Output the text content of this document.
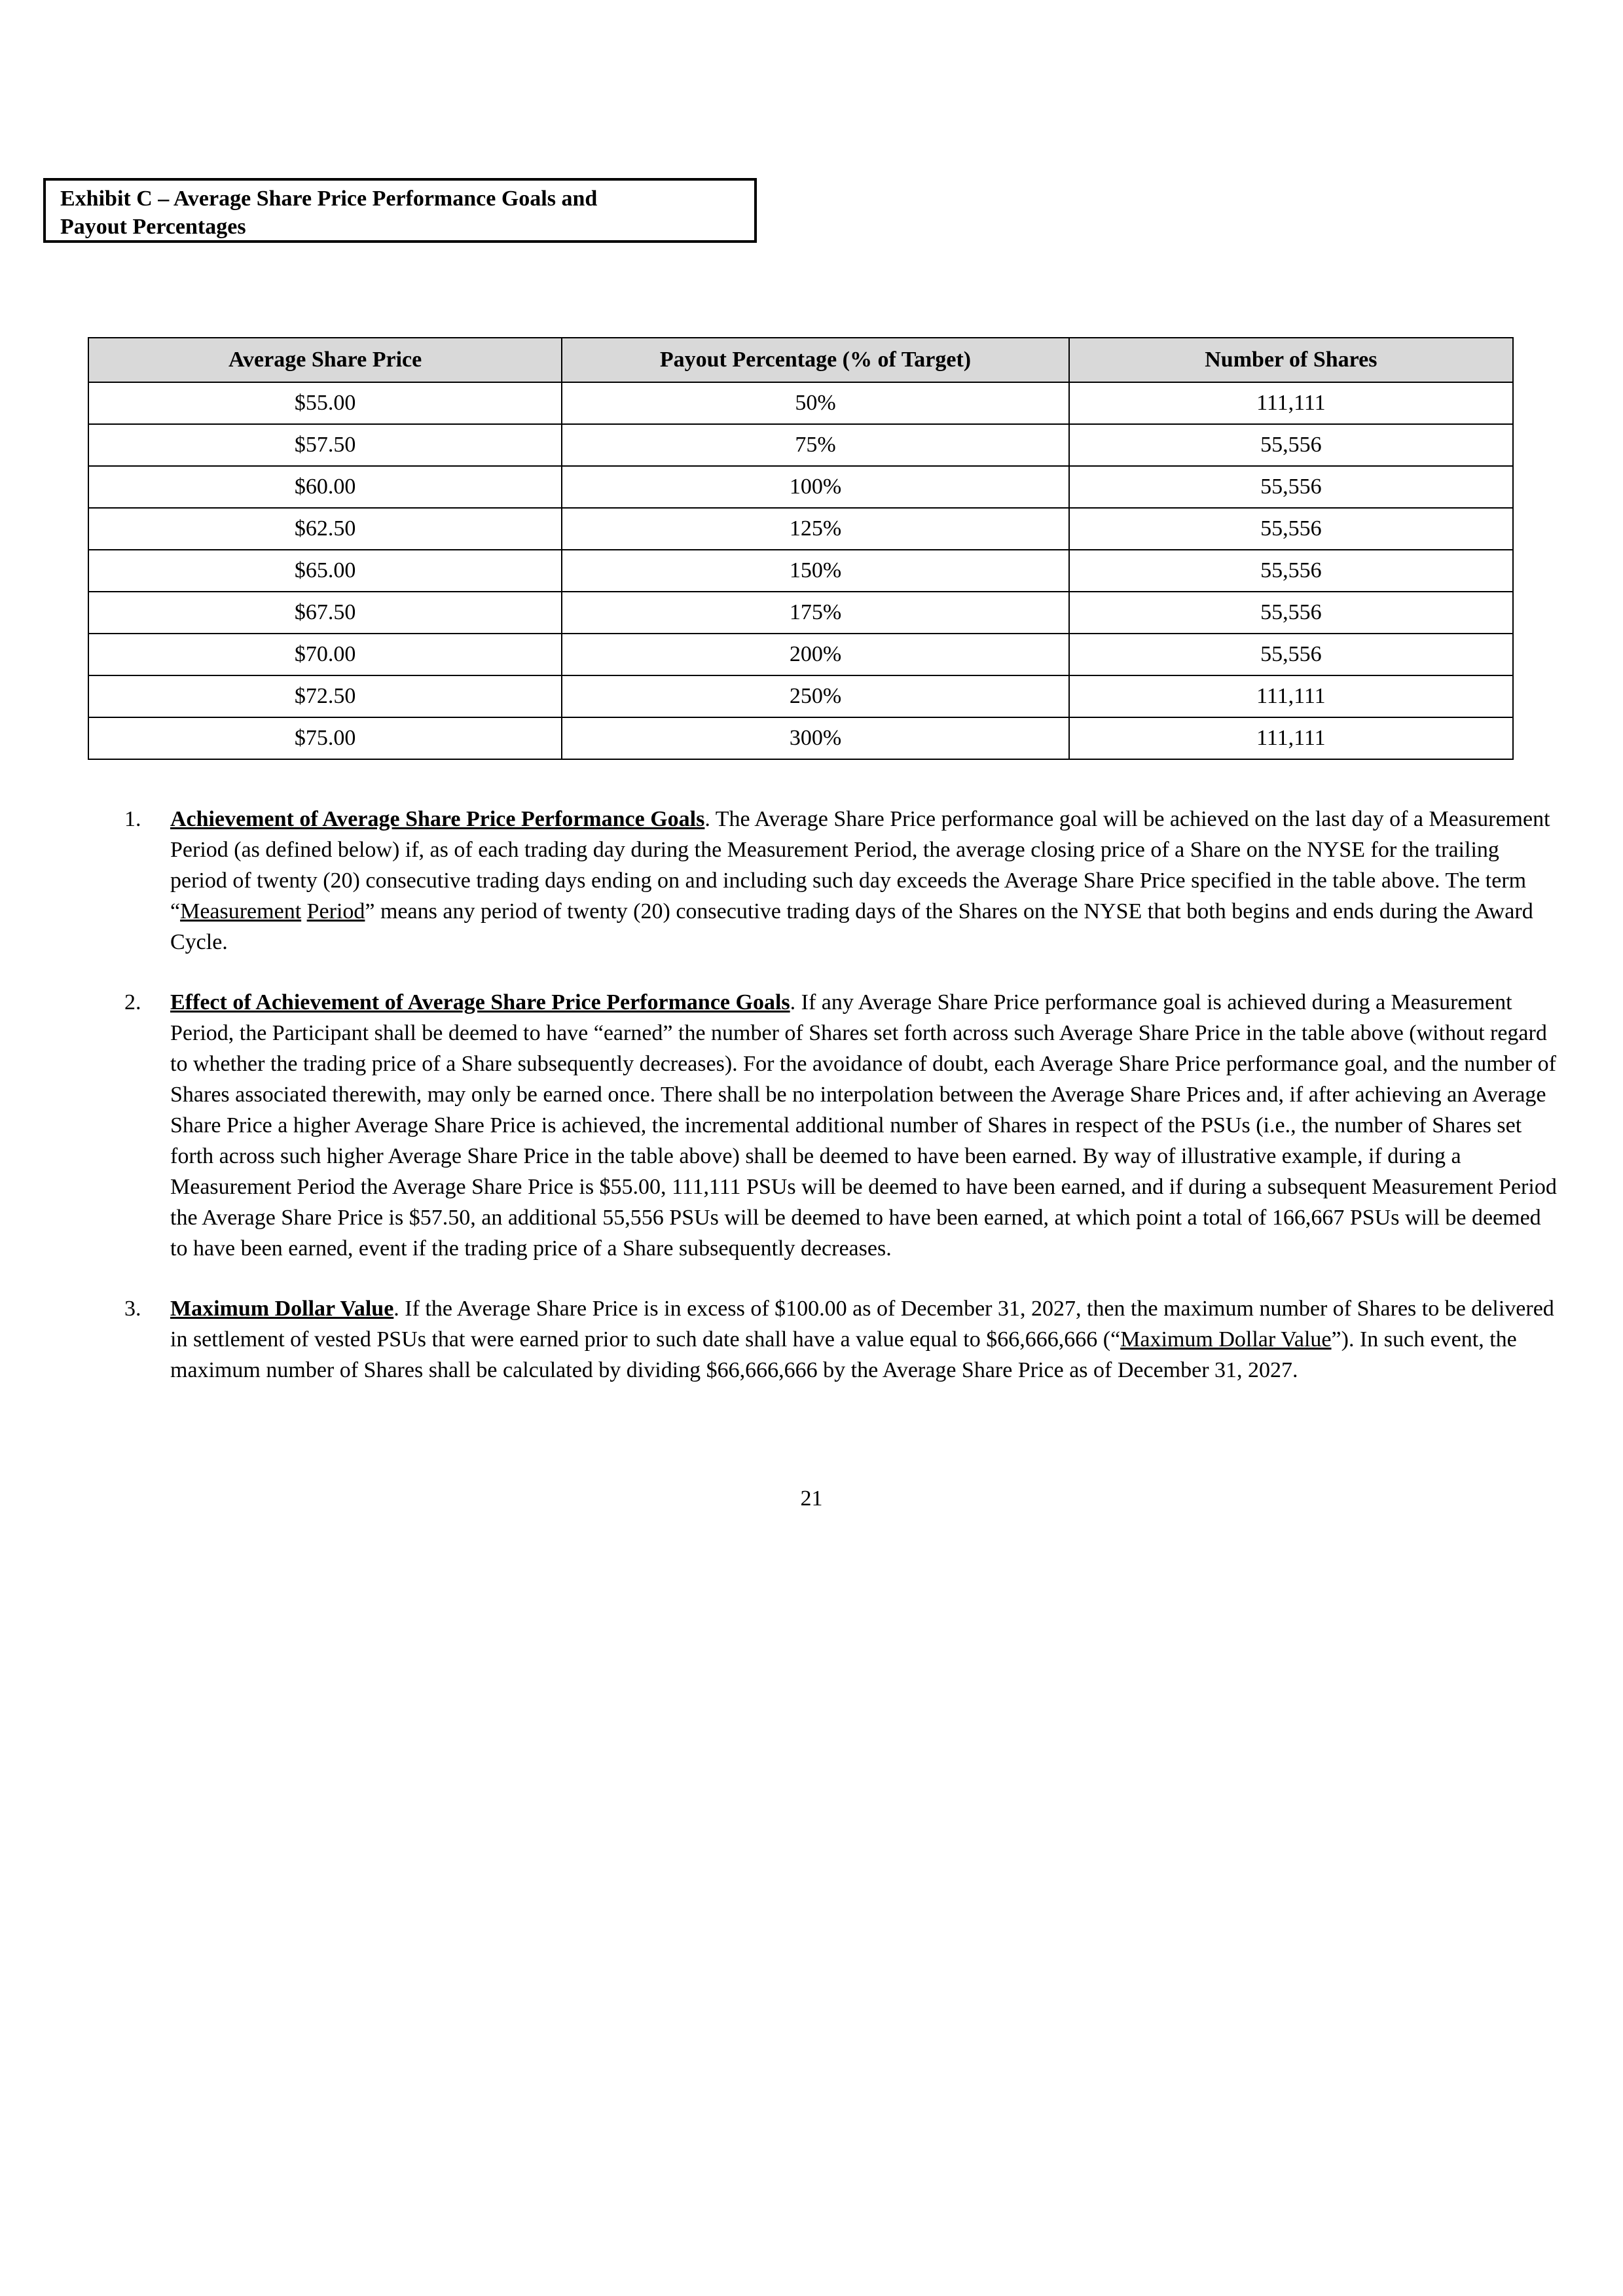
Exhibit C – Average Share Price Performance Goals and
Payout Percentages
Average Share Price	Payout Percentage (% of Target)	Number of Shares
$55.00	50%	111,111
$57.50	75%	55,556
$60.00	100%	55,556
$62.50	125%	55,556
$65.00	150%	55,556
$67.50	175%	55,556
$70.00	200%	55,556
$72.50	250%	111,111
$75.00	300%	111,111
1.	Achievement of Average Share Price Performance Goals. The Average Share Price performance goal will be achieved on the last day of a Measurement Period (as defined below) if, as of each trading day during the Measurement Period, the average closing price of a Share on the NYSE for the trailing period of twenty (20) consecutive trading days ending on and including such day exceeds the Average Share Price specified in the table above. The term “Measurement Period” means any period of twenty (20) consecutive trading days of the Shares on the NYSE that both begins and ends during the Award Cycle.
2.	Effect of Achievement of Average Share Price Performance Goals. If any Average Share Price performance goal is achieved during a Measurement Period, the Participant shall be deemed to have “earned” the number of Shares set forth across such Average Share Price in the table above (without regard to whether the trading price of a Share subsequently decreases). For the avoidance of doubt, each Average Share Price performance goal, and the number of Shares associated therewith, may only be earned once. There shall be no interpolation between the Average Share Prices and, if after achieving an Average Share Price a higher Average Share Price is achieved, the incremental additional number of Shares in respect of the PSUs (i.e., the number of Shares set forth across such higher Average Share Price in the table above) shall be deemed to have been earned. By way of illustrative example, if during a Measurement Period the Average Share Price is $55.00, 111,111 PSUs will be deemed to have been earned, and if during a subsequent Measurement Period the Average Share Price is $57.50, an additional 55,556 PSUs will be deemed to have been earned, at which point a total of 166,667 PSUs will be deemed to have been earned, event if the trading price of a Share subsequently decreases.
3.	Maximum Dollar Value. If the Average Share Price is in excess of $100.00 as of December 31, 2027, then the maximum number of Shares to be delivered in settlement of vested PSUs that were earned prior to such date shall have a value equal to $66,666,666 (“Maximum Dollar Value”). In such event, the maximum number of Shares shall be calculated by dividing $66,666,666 by the Average Share Price as of December 31, 2027.
21
